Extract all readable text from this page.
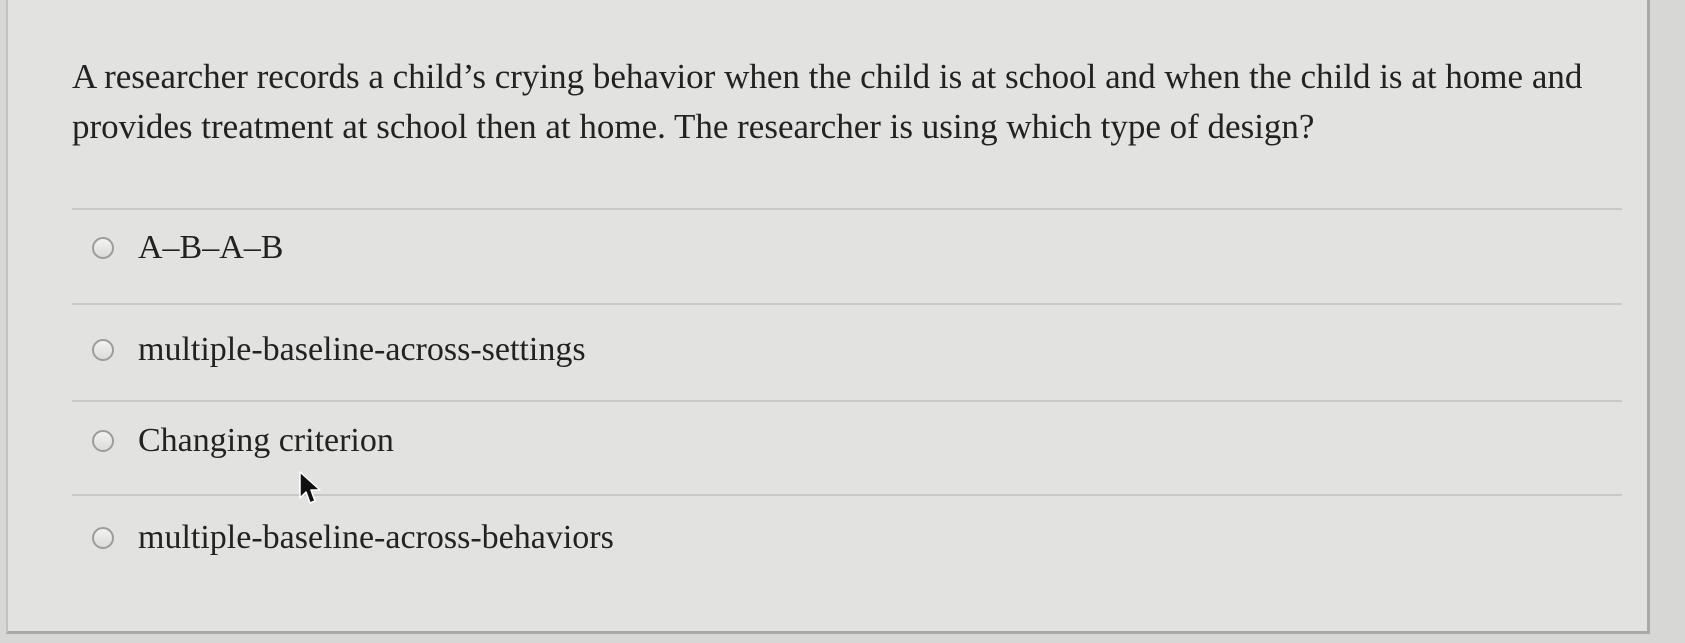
A researcher records a child’s crying behavior when the child is at school and when the child is at home and provides treatment at school then at home. The researcher is using which type of design?
A–B–A–B
multiple-baseline-across-settings
Changing criterion
multiple-baseline-across-behaviors
